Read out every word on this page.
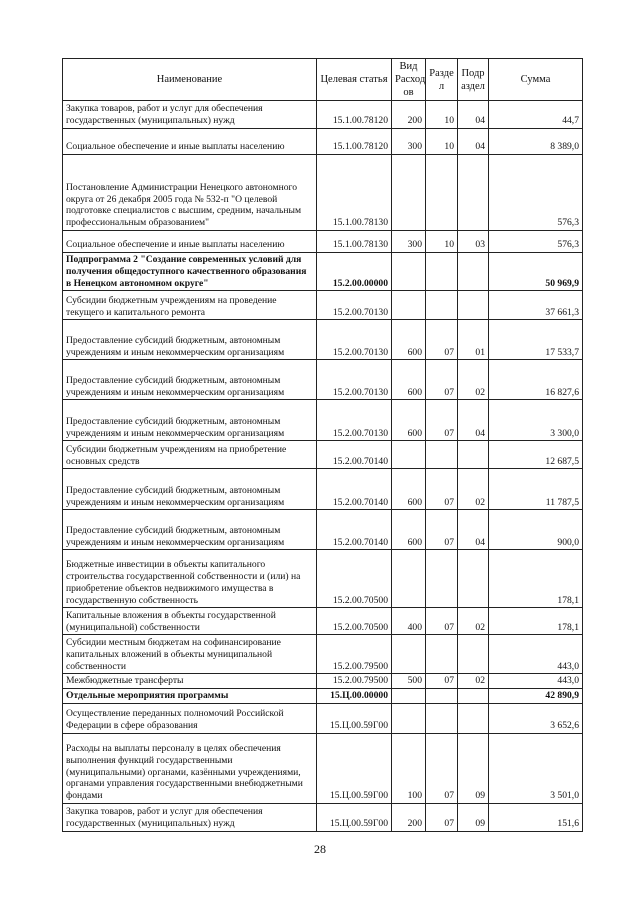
Наименование	Целевая статья	Вид Расход ов	Разде л	Подр аздел	Сумма
Закупка товаров, работ и услуг для обеспечения государственных (муниципальных) нужд	15.1.00.78120	200	10	04	44,7
Социальное обеспечение и иные выплаты населению	15.1.00.78120	300	10	04	8 389,0
Постановление Администрации Ненецкого автономного округа от 26 декабря 2005 года № 532-п "О целевой подготовке специалистов с высшим, средним, начальным профессиональным образованием"	15.1.00.78130				576,3
Социальное обеспечение и иные выплаты населению	15.1.00.78130	300	10	03	576,3
Подпрограмма 2 "Создание современных условий для получения общедоступного качественного образования в Ненецком автономном округе"	15.2.00.00000				50 969,9
Субсидии бюджетным учреждениям на проведение текущего и капитального ремонта	15.2.00.70130				37 661,3
Предоставление субсидий бюджетным, автономным учреждениям и иным некоммерческим организациям	15.2.00.70130	600	07	01	17 533,7
Предоставление субсидий бюджетным, автономным учреждениям и иным некоммерческим организациям	15.2.00.70130	600	07	02	16 827,6
Предоставление субсидий бюджетным, автономным учреждениям и иным некоммерческим организациям	15.2.00.70130	600	07	04	3 300,0
Субсидии бюджетным учреждениям на приобретение основных средств	15.2.00.70140				12 687,5
Предоставление субсидий бюджетным, автономным учреждениям и иным некоммерческим организациям	15.2.00.70140	600	07	02	11 787,5
Предоставление субсидий бюджетным, автономным учреждениям и иным некоммерческим организациям	15.2.00.70140	600	07	04	900,0
Бюджетные инвестиции в объекты капитального строительства государственной собственности и (или) на приобретение объектов недвижимого имущества в государственную собственность	15.2.00.70500				178,1
Капитальные вложения в объекты государственной (муниципальной) собственности	15.2.00.70500	400	07	02	178,1
Субсидии местным бюджетам на софинансирование капитальных вложений в объекты муниципальной собственности	15.2.00.79500				443,0
Межбюджетные трансферты	15.2.00.79500	500	07	02	443,0
Отдельные мероприятия программы	15.Ц.00.00000				42 890,9
Осуществление переданных полномочий Российской Федерации в сфере образования	15.Ц.00.59Г00				3 652,6
Расходы на выплаты персоналу в целях обеспечения выполнения функций государственными (муниципальными) органами, казёнными учреждениями, органами управления государственными внебюджетными фондами	15.Ц.00.59Г00	100	07	09	3 501,0
Закупка товаров, работ и услуг для обеспечения государственных (муниципальных) нужд	15.Ц.00.59Г00	200	07	09	151,6
28
